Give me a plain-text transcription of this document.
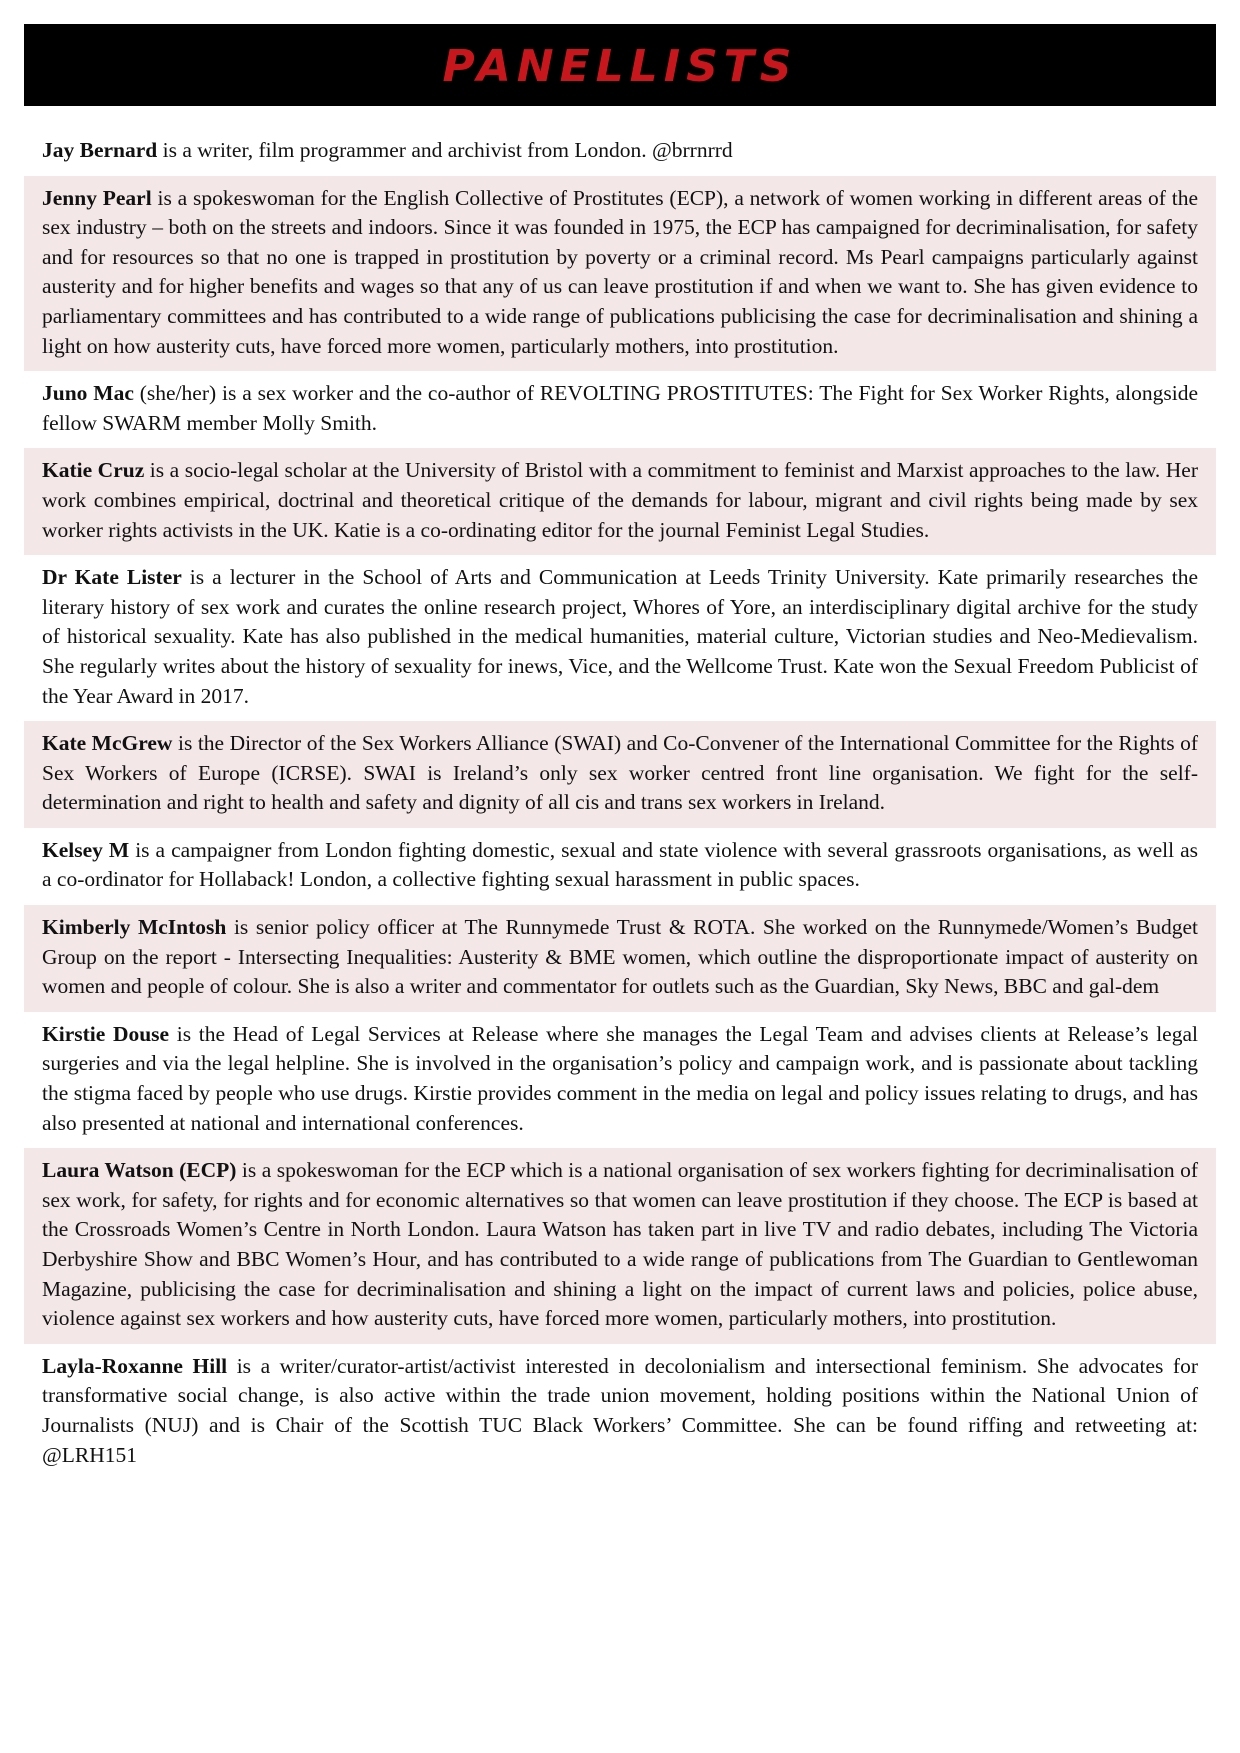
PANELLISTS
Jay Bernard is a writer, film programmer and archivist from London. @brrnrrd
Jenny Pearl is a spokeswoman for the English Collective of Prostitutes (ECP), a network of women working in different areas of the sex industry – both on the streets and indoors. Since it was founded in 1975, the ECP has campaigned for decriminalisation, for safety and for resources so that no one is trapped in prostitution by poverty or a criminal record. Ms Pearl campaigns particularly against austerity and for higher benefits and wages so that any of us can leave prostitution if and when we want to. She has given evidence to parliamentary committees and has contributed to a wide range of publications publicising the case for decriminalisation and shining a light on how austerity cuts, have forced more women, particularly mothers, into prostitution.
Juno Mac (she/her) is a sex worker and the co-author of REVOLTING PROSTITUTES: The Fight for Sex Worker Rights, alongside fellow SWARM member Molly Smith.
Katie Cruz is a socio-legal scholar at the University of Bristol with a commitment to feminist and Marxist approaches to the law. Her work combines empirical, doctrinal and theoretical critique of the demands for labour, migrant and civil rights being made by sex worker rights activists in the UK. Katie is a co-ordinating editor for the journal Feminist Legal Studies.
Dr Kate Lister is a lecturer in the School of Arts and Communication at Leeds Trinity University. Kate primarily researches the literary history of sex work and curates the online research project, Whores of Yore, an interdisciplinary digital archive for the study of historical sexuality. Kate has also published in the medical humanities, material culture, Victorian studies and Neo-Medievalism. She regularly writes about the history of sexuality for inews, Vice, and the Wellcome Trust. Kate won the Sexual Freedom Publicist of the Year Award in 2017.
Kate McGrew is the Director of the Sex Workers Alliance (SWAI) and Co-Convener of the International Committee for the Rights of Sex Workers of Europe (ICRSE). SWAI is Ireland’s only sex worker centred front line organisation. We fight for the self-determination and right to health and safety and dignity of all cis and trans sex workers in Ireland.
Kelsey M is a campaigner from London fighting domestic, sexual and state violence with several grassroots organisations, as well as a co-ordinator for Hollaback! London, a collective fighting sexual harassment in public spaces.
Kimberly McIntosh is senior policy officer at The Runnymede Trust & ROTA. She worked on the Runnymede/Women’s Budget Group on the report - Intersecting Inequalities: Austerity & BME women, which outline the disproportionate impact of austerity on women and people of colour. She is also a writer and commentator for outlets such as the Guardian, Sky News, BBC and gal-dem
Kirstie Douse is the Head of Legal Services at Release where she manages the Legal Team and advises clients at Release’s legal surgeries and via the legal helpline. She is involved in the organisation’s policy and campaign work, and is passionate about tackling the stigma faced by people who use drugs. Kirstie provides comment in the media on legal and policy issues relating to drugs, and has also presented at national and international conferences.
Laura Watson (ECP) is a spokeswoman for the ECP which is a national organisation of sex workers fighting for decriminalisation of sex work, for safety, for rights and for economic alternatives so that women can leave prostitution if they choose. The ECP is based at the Crossroads Women’s Centre in North London. Laura Watson has taken part in live TV and radio debates, including The Victoria Derbyshire Show and BBC Women’s Hour, and has contributed to a wide range of publications from The Guardian to Gentlewoman Magazine, publicising the case for decriminalisation and shining a light on the impact of current laws and policies, police abuse, violence against sex workers and how austerity cuts, have forced more women, particularly mothers, into prostitution.
Layla-Roxanne Hill is a writer/curator-artist/activist interested in decolonialism and intersectional feminism. She advocates for transformative social change, is also active within the trade union movement, holding positions within the National Union of Journalists (NUJ) and is Chair of the Scottish TUC Black Workers’ Committee. She can be found riffing and retweeting at: @LRH151
